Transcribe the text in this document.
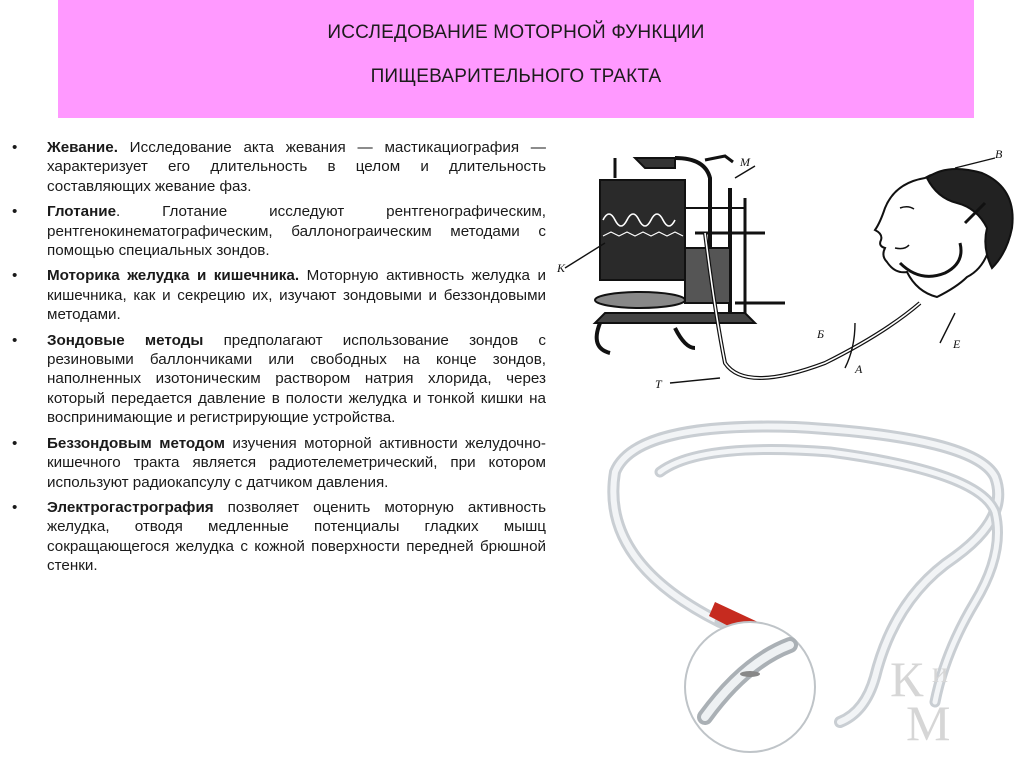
ИССЛЕДОВАНИЕ МОТОРНОЙ ФУНКЦИИ
ПИЩЕВАРИТЕЛЬНОГО ТРАКТА
• Жевание. Исследование акта жевания — мастикациография — характеризует его длительность в целом и длительность составляющих жевание фаз.
• Глотание. Глотание исследуют рентгенографическим, рентгенокинематографическим, баллонограическим методами с помощью специальных зондов.
• Моторика желудка и кишечника. Моторную активность желудка и кишечника, как и секрецию их, изучают зондовыми и беззондовыми методами.
• Зондовые методы предполагают использование зондов с резиновыми баллончиками или свободных на конце зондов, наполненных изотоническим раствором натрия хлорида, через который передается давление в полости желудка и тонкой кишки на воспринимающие и регистрирующие устройства.
• Беззондовым методом изучения моторной активности желудочно-кишечного тракта является радиотелеметрический, при котором используют радиокапсулу с датчиком давления.
• Электрогастрография позволяет оценить моторную активность желудка, отводя медленные потенциалы гладких мышц сокращающегося желудка с кожной поверхности передней брюшной стенки.
М
В
К
Т
Б
А
Е
К и
М
